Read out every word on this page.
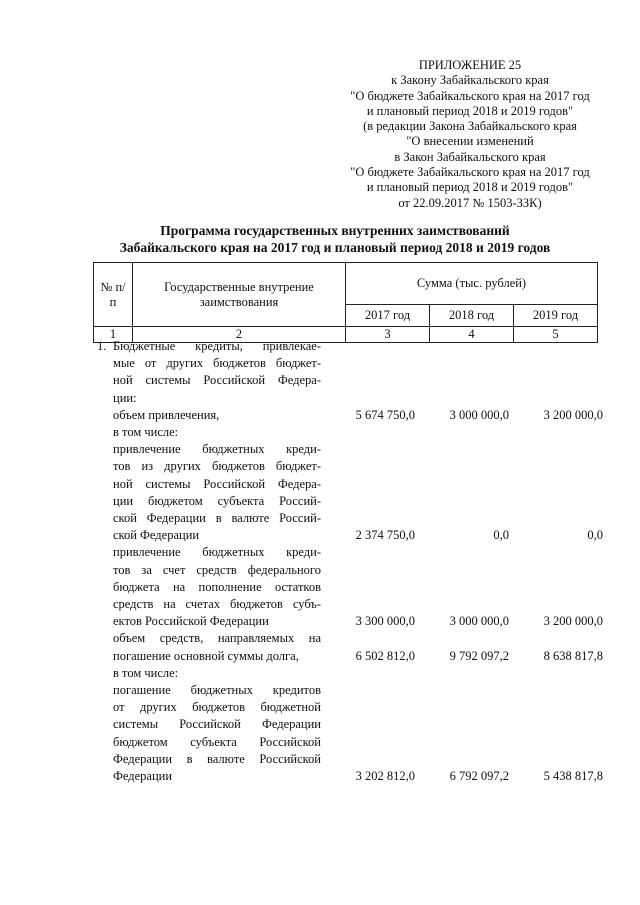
ПРИЛОЖЕНИЕ 25
к Закону Забайкальского края
"О бюджете Забайкальского края на 2017 год
и плановый период 2018 и 2019 годов"
(в редакции Закона Забайкальского края
"О внесении изменений
в Закон Забайкальского края
"О бюджете Забайкальского края на 2017 год
и плановый период 2018 и 2019 годов"
от 22.09.2017 № 1503-ЗЗК)
Программа государственных внутренних заимствований
Забайкальского края на 2017 год и плановый период 2018 и 2019 годов
№ п/п	Государственные внутрение заимствования	Сумма (тыс. рублей)		
		2017 год	2018 год	2019 год
1	2	3	4	5
1. Бюджетные кредиты, привлекае-
мые от других бюджетов бюджет-
ной системы Российской Федера-
ции:
объем привлечения,	5 674 750,0	3 000 000,0	3 200 000,0
в том числе:
привлечение бюджетных креди-
тов из других бюджетов бюджет-
ной системы Российской Федера-
ции бюджетом субъекта Россий-
ской Федерации в валюте Россий-
ской Федерации	2 374 750,0	0,0	0,0
привлечение бюджетных креди-
тов за счет средств федерального
бюджета на пополнение остатков
средств на счетах бюджетов субъ-
ектов Российской Федерации	3 300 000,0	3 000 000,0	3 200 000,0
объем средств, направляемых на
погашение основной суммы долга,	6 502 812,0	9 792 097,2	8 638 817,8
в том числе:
погашение бюджетных кредитов
от других бюджетов бюджетной
системы Российской Федерации
бюджетом субъекта Российской
Федерации в валюте Российской
Федерации	3 202 812,0	6 792 097,2	5 438 817,8
